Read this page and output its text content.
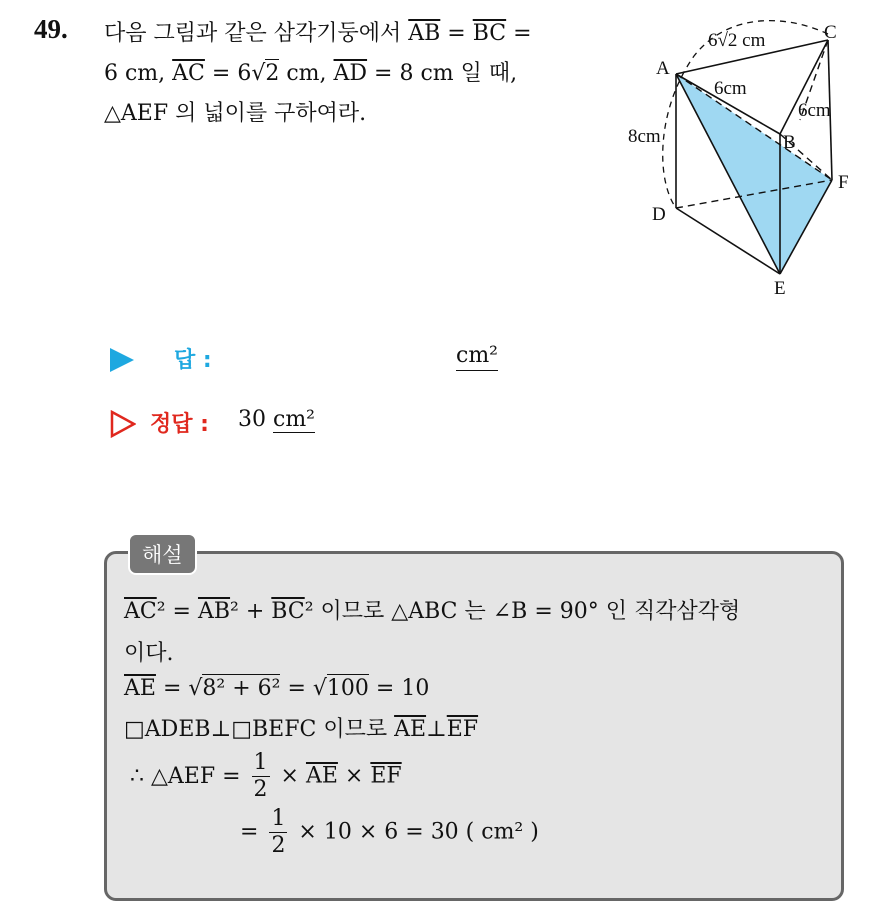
49. 다음 그림과 같은 삼각기둥에서 $\overline{AB} = \overline{BC}$ =
6 cm, $\overline{AC} = 6√2$ cm, $\overline{AD} = 8$ cm 일 때,
△AEF 의 넓이를 구하여라.
A
B
C
D
E
F
6√2 cm
6cm
6cm
8cm
답 :	cm²
정답 : 30 cm²
해설
$\overline{AC}^2 = \overline{AB}^2 + \overline{BC}^2$ 이므로 △ABC 는 ∠B = 90° 인 직각삼각형
이다.
$\overline{AE} = √8^2 + 6^2 = √100 = 10$
□ADEB⊥□BEFC 이므로 $\overline{AE}\perp\overline{EF}$
∴ △AEF = $\frac{1}{2} \times \overline{AE} \times \overline{EF}$
= $\frac{1}{2} \times 10 \times 6 = 30$ ( cm² )
